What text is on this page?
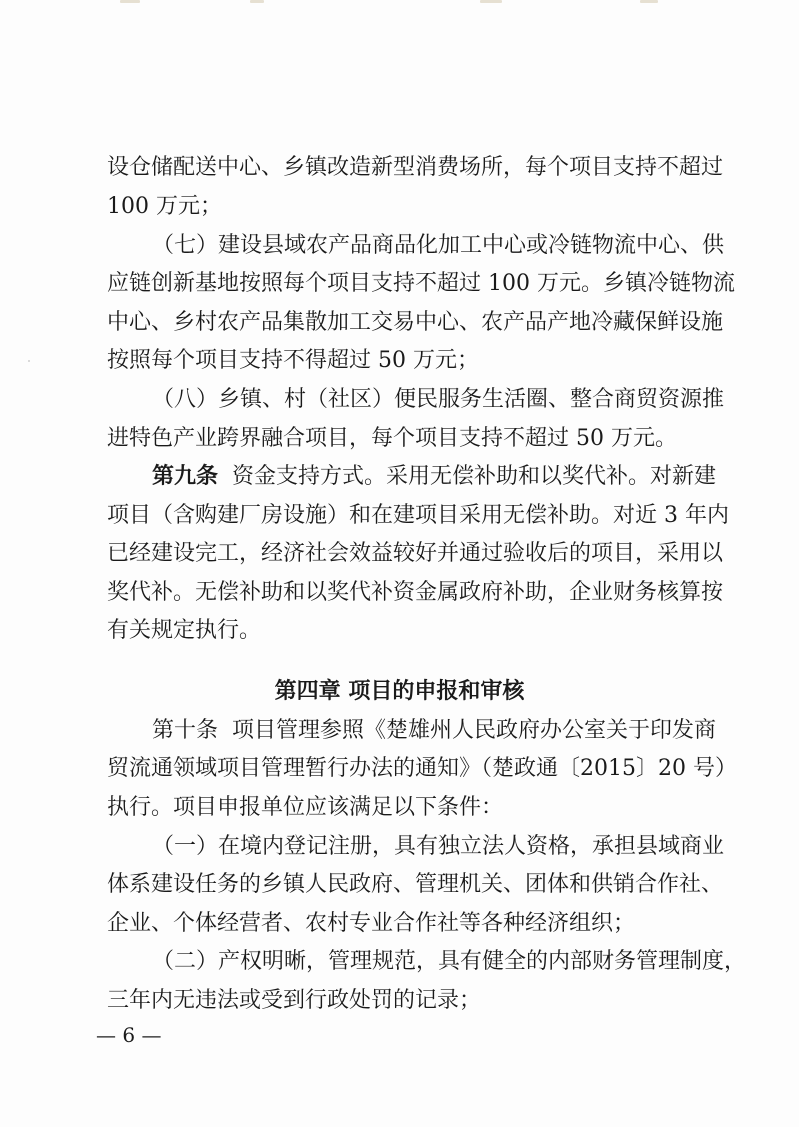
设仓储配送中心、乡镇改造新型消费场所，每个项目支持不超过
100 万元；
（七）建设县域农产品商品化加工中心或冷链物流中心、供
应链创新基地按照每个项目支持不超过 100 万元。乡镇冷链物流
中心、乡村农产品集散加工交易中心、农产品产地冷藏保鲜设施
按照每个项目支持不得超过 50 万元；
（八）乡镇、村（社区）便民服务生活圈、整合商贸资源推
进特色产业跨界融合项目，每个项目支持不超过 50 万元。
第九条 资金支持方式。采用无偿补助和以奖代补。对新建
项目（含购建厂房设施）和在建项目采用无偿补助。对近 3 年内
已经建设完工，经济社会效益较好并通过验收后的项目，采用以
奖代补。无偿补助和以奖代补资金属政府补助，企业财务核算按
有关规定执行。
第四章 项目的申报和审核
第十条 项目管理参照《楚雄州人民政府办公室关于印发商
贸流通领域项目管理暂行办法的通知》（楚政通〔2015〕20 号）
执行。项目申报单位应该满足以下条件：
（一）在境内登记注册，具有独立法人资格，承担县域商业
体系建设任务的乡镇人民政府、管理机关、团体和供销合作社、
企业、个体经营者、农村专业合作社等各种经济组织；
（二）产权明晰，管理规范，具有健全的内部财务管理制度，
三年内无违法或受到行政处罚的记录；
— 6 —
